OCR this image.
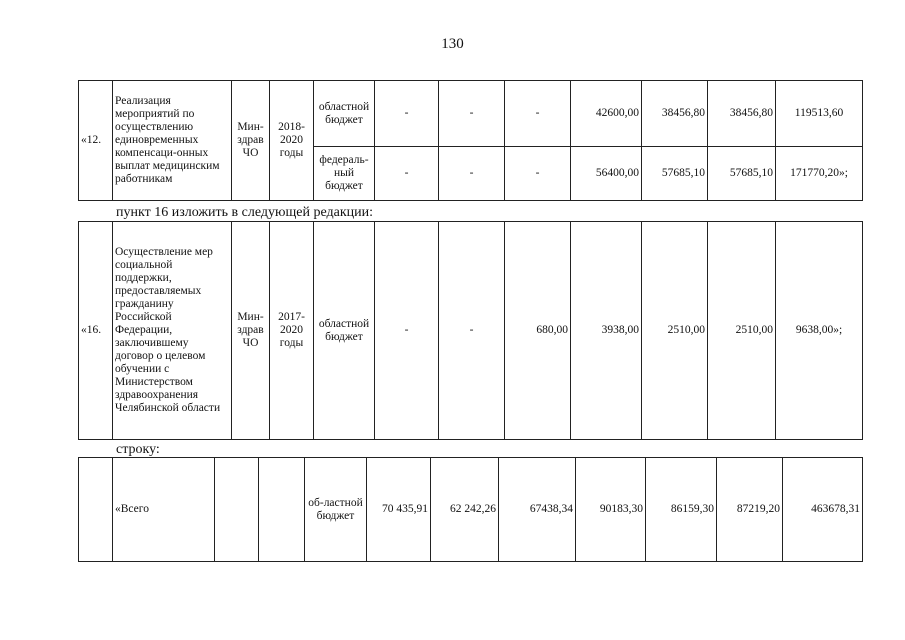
130
«12.	Реализация мероприятий по осуществлению единовременных компенсаци-онных выплат медицинским работникам	Мин-здрав ЧО	2018-2020 годы	областной бюджет	-	-	-	42600,00	38456,80	38456,80	119513,60
				федераль-ный бюджет	-	-	-	56400,00	57685,10	57685,10	171770,20»;
пункт 16 изложить в следующей редакции:
«16.	Осуществление мер социальной поддержки, предоставляемых гражданину Российской Федерации, заключившему договор о целевом обучении с Министерством здравоохранения Челябинской области	Мин-здрав ЧО	2017-2020 годы	областной бюджет	-	-	680,00	3938,00	2510,00	2510,00	9638,00»;
строку:
	«Всего			об-ластной бюджет	70 435,91	62 242,26	67438,34	90183,30	86159,30	87219,20	463678,31
